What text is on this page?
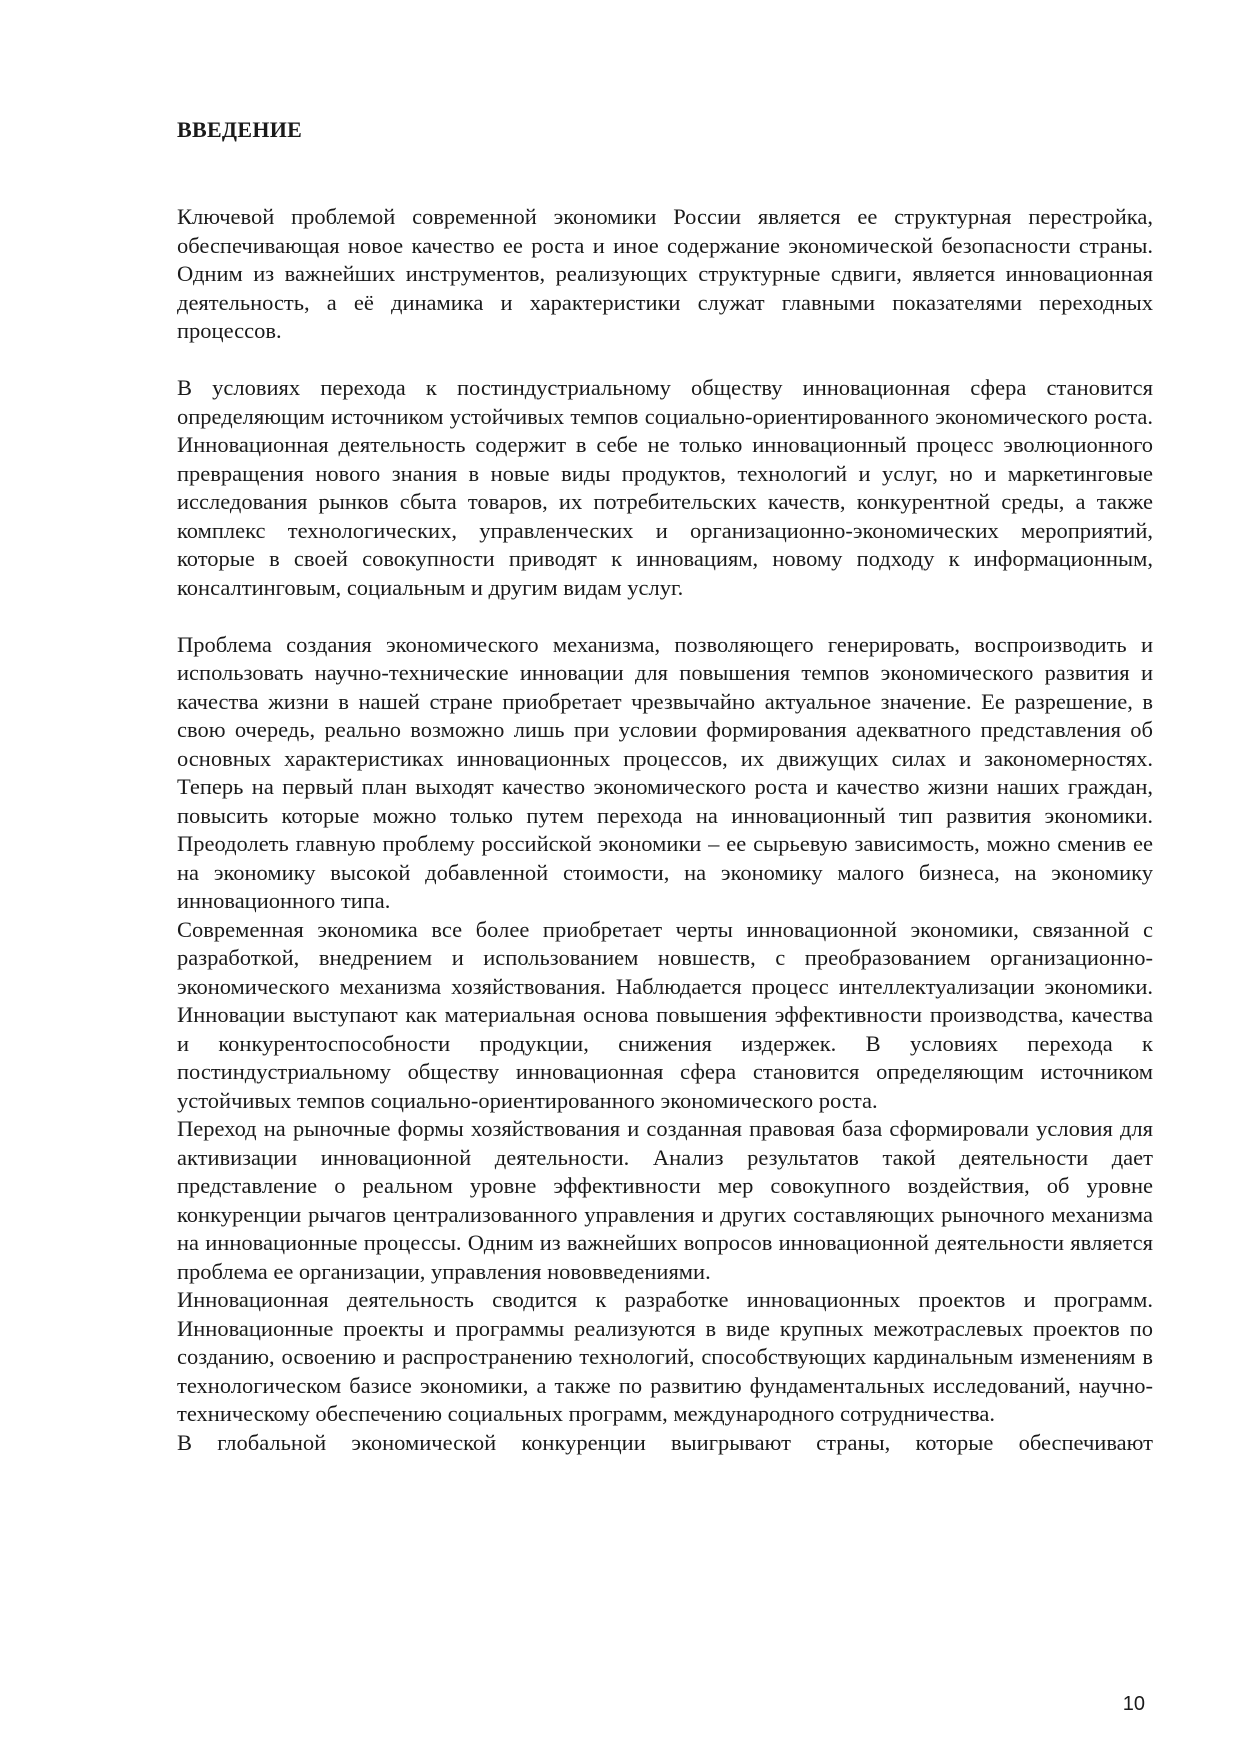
ВВЕДЕНИЕ

Ключевой проблемой современной экономики России является ее структурная перестройка, обеспечивающая новое качество ее роста и иное содержание экономической безопасности страны. Одним из важнейших инструментов, реализующих структурные сдвиги, является инновационная деятельность, а её динамика и характеристики служат главными показателями переходных процессов.

В условиях перехода к постиндустриальному обществу инновационная сфера становится определяющим источником устойчивых темпов социально-ориентированного экономического роста. Инновационная деятельность содержит в себе не только инновационный процесс эволюционного превращения нового знания в новые виды продуктов, технологий и услуг, но и маркетинговые исследования рынков сбыта товаров, их потребительских качеств, конкурентной среды, а также комплекс технологических, управленческих и организационно-экономических мероприятий, которые в своей совокупности приводят к инновациям, новому подходу к информационным, консалтинговым, социальным и другим видам услуг.

Проблема создания экономического механизма, позволяющего генерировать, воспроизводить и использовать научно-технические инновации для повышения темпов экономического развития и качества жизни в нашей стране приобретает чрезвычайно актуальное значение. Ее разрешение, в свою очередь, реально возможно лишь при условии формирования адекватного представления об основных характеристиках инновационных процессов, их движущих силах и закономерностях. Теперь на первый план выходят качество экономического роста и качество жизни наших граждан, повысить которые можно только путем перехода на инновационный тип развития экономики. Преодолеть главную проблему российской экономики – ее сырьевую зависимость, можно сменив ее на экономику высокой добавленной стоимости, на экономику малого бизнеса, на экономику инновационного типа.

Современная экономика все более приобретает черты инновационной экономики, связанной с разработкой, внедрением и использованием новшеств, с преобразованием организационно-экономического механизма хозяйствования. Наблюдается процесс интеллектуализации экономики. Инновации выступают как материальная основа повышения эффективности производства, качества и конкурентоспособности продукции, снижения издержек. В условиях перехода к постиндустриальному обществу инновационная сфера становится определяющим источником устойчивых темпов социально-ориентированного экономического роста.

Переход на рыночные формы хозяйствования и созданная правовая база сформировали условия для активизации инновационной деятельности. Анализ результатов такой деятельности дает представление о реальном уровне эффективности мер совокупного воздействия, об уровне конкуренции рычагов централизованного управления и других составляющих рыночного механизма на инновационные процессы. Одним из важнейших вопросов инновационной деятельности является проблема ее организации, управления нововведениями.

Инновационная деятельность сводится к разработке инновационных проектов и программ. Инновационные проекты и программы реализуются в виде крупных межотраслевых проектов по созданию, освоению и распространению технологий, способствующих кардинальным изменениям в технологическом базисе экономики, а также по развитию фундаментальных исследований, научно-техническому обеспечению социальных программ, международного сотрудничества.

В глобальной экономической конкуренции выигрывают страны, которые обеспечивают

10
